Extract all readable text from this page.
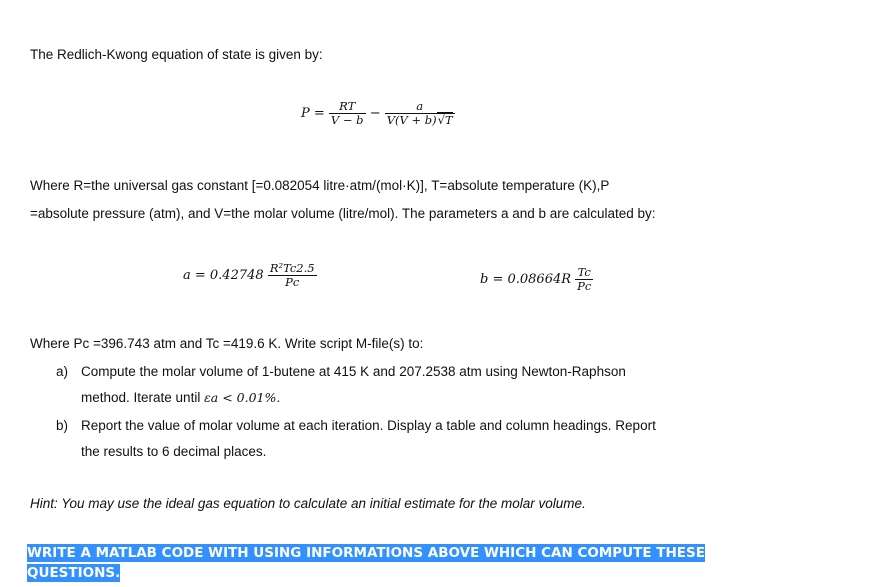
The Redlich-Kwong equation of state is given by:
$P = \frac{RT}{V - b} - \frac{a}{V(V + b)√T}$
Where R=the universal gas constant [=0.082054 litre·atm/(mol·K)], T=absolute temperature (K),P
=absolute pressure (atm), and V=the molar volume (litre/mol). The parameters a and b are calculated by:
$a = 0.42748 \frac{\text{R²Tc2.5}}{Pc}$	$b = 0.08664R \frac{Tc}{Pc}$
Where Pc =396.743 atm and Tc =419.6 K. Write script M-file(s) to:
a) Compute the molar volume of 1-butene at 415 K and 207.2538 atm using Newton-Raphson
method. Iterate until εa < 0.01%.
b) Report the value of molar volume at each iteration. Display a table and column headings. Report
the results to 6 decimal places.
Hint: You may use the ideal gas equation to calculate an initial estimate for the molar volume.
WRITE A MATLAB CODE WITH USING INFORMATIONS ABOVE WHICH CAN COMPUTE THESE
QUESTIONS.
